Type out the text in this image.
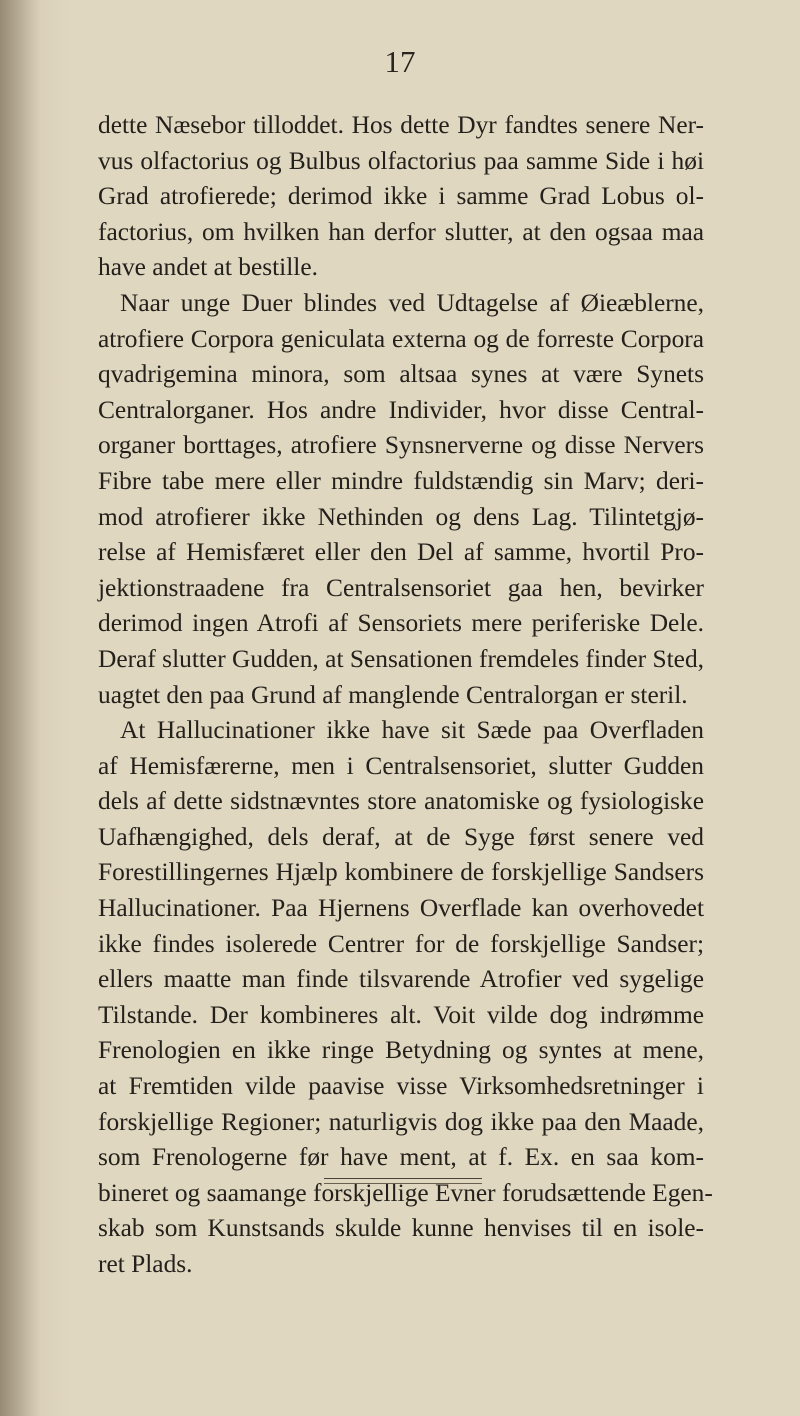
17
dette Næsebor tilloddet. Hos dette Dyr fandtes senere Ner-
vus olfactorius og Bulbus olfactorius paa samme Side i høi
Grad atrofierede; derimod ikke i samme Grad Lobus ol-
factorius, om hvilken han derfor slutter, at den ogsaa maa
have andet at bestille.
Naar unge Duer blindes ved Udtagelse af Øieæblerne,
atrofiere Corpora geniculata externa og de forreste Corpora
qvadrigemina minora, som altsaa synes at være Synets
Centralorganer. Hos andre Individer, hvor disse Central-
organer borttages, atrofiere Synsnerverne og disse Nervers
Fibre tabe mere eller mindre fuldstændig sin Marv; deri-
mod atrofierer ikke Nethinden og dens Lag. Tilintetgjø-
relse af Hemisfæret eller den Del af samme, hvortil Pro-
jektionstraadene fra Centralsensoriet gaa hen, bevirker
derimod ingen Atrofi af Sensoriets mere periferiske Dele.
Deraf slutter Gudden, at Sensationen fremdeles finder Sted,
uagtet den paa Grund af manglende Centralorgan er steril.
At Hallucinationer ikke have sit Sæde paa Overfladen
af Hemisfærerne, men i Centralsensoriet, slutter Gudden
dels af dette sidstnævntes store anatomiske og fysiologiske
Uafhængighed, dels deraf, at de Syge først senere ved
Forestillingernes Hjælp kombinere de forskjellige Sandsers
Hallucinationer. Paa Hjernens Overflade kan overhovedet
ikke findes isolerede Centrer for de forskjellige Sandser;
ellers maatte man finde tilsvarende Atrofier ved sygelige
Tilstande. Der kombineres alt. Voit vilde dog indrømme
Frenologien en ikke ringe Betydning og syntes at mene,
at Fremtiden vilde paavise visse Virksomhedsretninger i
forskjellige Regioner; naturligvis dog ikke paa den Maade,
som Frenologerne før have ment, at f. Ex. en saa kom-
bineret og saamange forskjellige Evner forudsættende Egen-
skab som Kunstsands skulde kunne henvises til en isole-
ret Plads.
